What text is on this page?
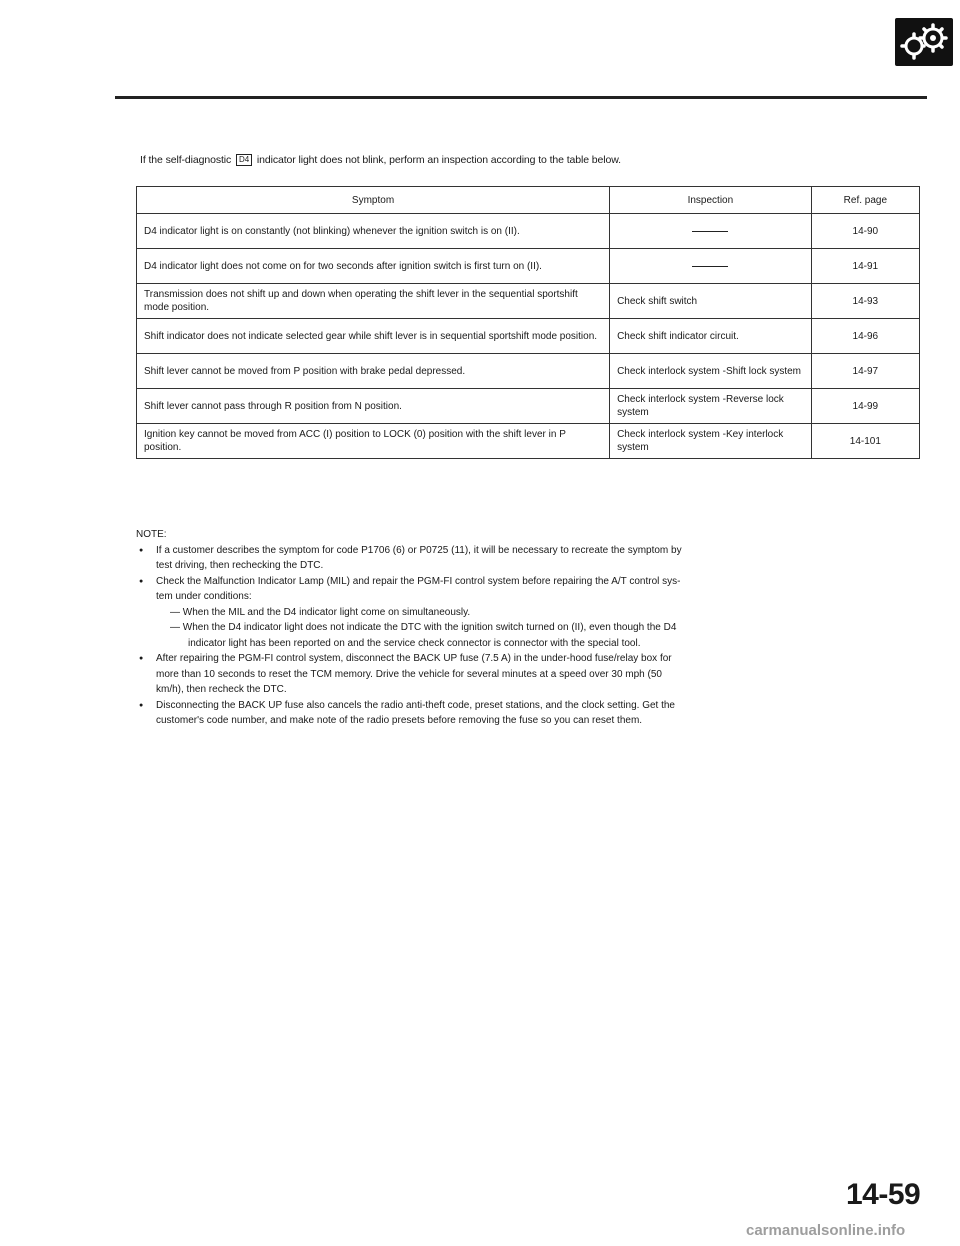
If the self-diagnostic D4 indicator light does not blink, perform an inspection according to the table below.
Symptom	Inspection	Ref. page
D4 indicator light is on constantly (not blinking) whenever the ignition switch is on (II).		14-90
D4 indicator light does not come on for two seconds after ignition switch is first turn on (II).		14-91
Transmission does not shift up and down when operating the shift lever in the sequential sportshift mode position.	Check shift switch	14-93
Shift indicator does not indicate selected gear while shift lever is in sequential sportshift mode position.	Check shift indicator circuit.	14-96
Shift lever cannot be moved from P position with brake pedal depressed.	Check interlock system -Shift lock system	14-97
Shift lever cannot pass through R position from N position.	Check interlock system -Reverse lock system	14-99
Ignition key cannot be moved from ACC (I) position to LOCK (0) position with the shift lever in P position.	Check interlock system -Key interlock system	14-101

NOTE:

● If a customer describes the symptom for code P1706 (6) or P0725 (11), it will be necessary to recreate the symptom by
test driving, then rechecking the DTC.
● Check the Malfunction Indicator Lamp (MIL) and repair the PGM-FI control system before repairing the A/T control sys-
tem under conditions:
— When the MIL and the D4 indicator light come on simultaneously.
— When the D4 indicator light does not indicate the DTC with the ignition switch turned on (II), even though the D4
indicator light has been reported on and the service check connector is connector with the special tool.
● After repairing the PGM-FI control system, disconnect the BACK UP fuse (7.5 A) in the under-hood fuse/relay box for
more than 10 seconds to reset the TCM memory. Drive the vehicle for several minutes at a speed over 30 mph (50
km/h), then recheck the DTC.
● Disconnecting the BACK UP fuse also cancels the radio anti-theft code, preset stations, and the clock setting. Get the
customer's code number, and make note of the radio presets before removing the fuse so you can reset them.
14-59
carmanualsonline.info
